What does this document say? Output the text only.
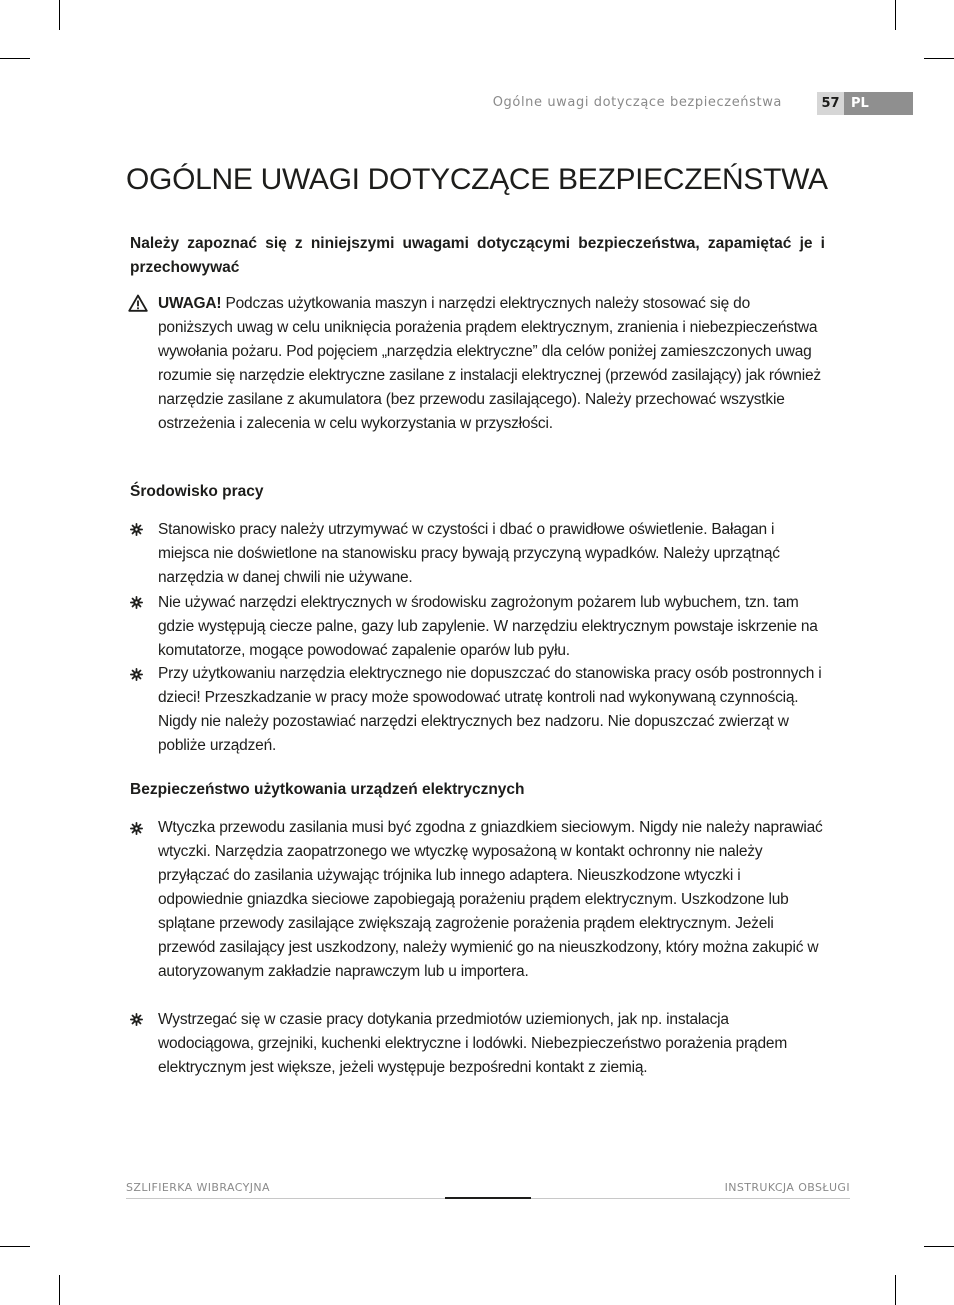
Ogólne uwagi dotyczące bezpieczeństwa	57 PL
OGÓLNE UWAGI DOTYCZĄCE BEZPIECZEŃSTWA

Należy zapoznać się z niniejszymi uwagami dotyczącymi bezpieczeństwa, zapamiętać je i przechowywać

UWAGA! Podczas użytkowania maszyn i narzędzi elektrycznych należy stosować się do poniższych uwag w celu uniknięcia porażenia prądem elektrycznym, zranienia i niebezpieczeństwa wywołania pożaru. Pod pojęciem „narzędzia elektryczne” dla celów poniżej zamieszczonych uwag rozumie się narzędzie elektryczne zasilane z instalacji elektrycznej (przewód zasilający) jak również narzędzie zasilane z akumulatora (bez przewodu zasilającego). Należy przechować wszystkie ostrzeżenia i zalecenia w celu wykorzystania w przyszłości.

Środowisko pracy

Stanowisko pracy należy utrzymywać w czystości i dbać o prawidłowe oświetlenie. Bałagan i miejsca nie doświetlone na stanowisku pracy bywają przyczyną wypadków. Należy uprzątnąć narzędzia w danej chwili nie używane.

Nie używać narzędzi elektrycznych w środowisku zagrożonym pożarem lub wybuchem, tzn. tam gdzie występują ciecze palne, gazy lub zapylenie. W narzędziu elektrycznym powstaje iskrzenie na komutatorze, mogące powodować zapalenie oparów lub pyłu.

Przy użytkowaniu narzędzia elektrycznego nie dopuszczać do stanowiska pracy osób postronnych i dzieci! Przeszkadzanie w pracy może spowodować utratę kontroli nad wykonywaną czynnością. Nigdy nie należy pozostawiać narzędzi elektrycznych bez nadzoru. Nie dopuszczać zwierząt w pobliże urządzeń.

Bezpieczeństwo użytkowania urządzeń elektrycznych

Wtyczka przewodu zasilania musi być zgodna z gniazdkiem sieciowym. Nigdy nie należy naprawiać wtyczki. Narzędzia zaopatrzonego we wtyczkę wyposażoną w kontakt ochronny nie należy przyłączać do zasilania używając trójnika lub innego adaptera. Nieuszkodzone wtyczki i odpowiednie gniazdka sieciowe zapobiegają porażeniu prądem elektrycznym. Uszkodzone lub splątane przewody zasilające zwiększają zagrożenie porażenia prądem elektrycznym. Jeżeli przewód zasilający jest uszkodzony, należy wymienić go na nieuszkodzony, który można zakupić w autoryzowanym zakładzie naprawczym lub u importera.

Wystrzegać się w czasie pracy dotykania przedmiotów uziemionych, jak np. instalacja wodociągowa, grzejniki, kuchenki elektryczne i lodówki. Niebezpieczeństwo porażenia prądem elektrycznym jest większe, jeżeli występuje bezpośredni kontakt z ziemią.

SZLIFIERKA WIBRACYJNA	INSTRUKCJA OBSŁUGI
